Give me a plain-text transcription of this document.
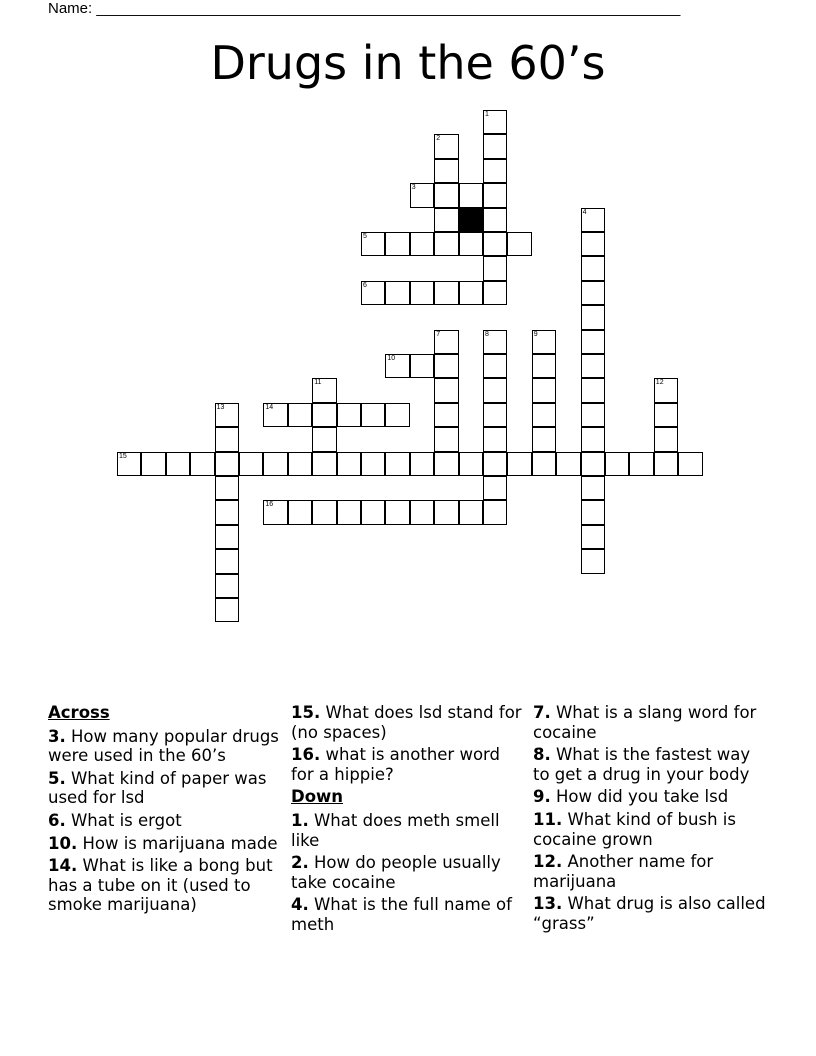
Name: ______________________________________________________________________
Drugs in the 60’s
1
2
3
4
5
6
7	8	9
10
11	12
13	14
15
16
Across
3. How many popular drugs were used in the 60’s
5. What kind of paper was used for lsd
6. What is ergot
10. How is marijuana made
14. What is like a bong but has a tube on it (used to smoke marijuana)
15. What does lsd stand for (no spaces)
16. what is another word for a hippie?
Down
1. What does meth smell like
2. How do people usually take cocaine
4. What is the full name of meth
7. What is a slang word for cocaine
8. What is the fastest way to get a drug in your body
9. How did you take lsd
11. What kind of bush is cocaine grown
12. Another name for marijuana
13. What drug is also called “grass”
